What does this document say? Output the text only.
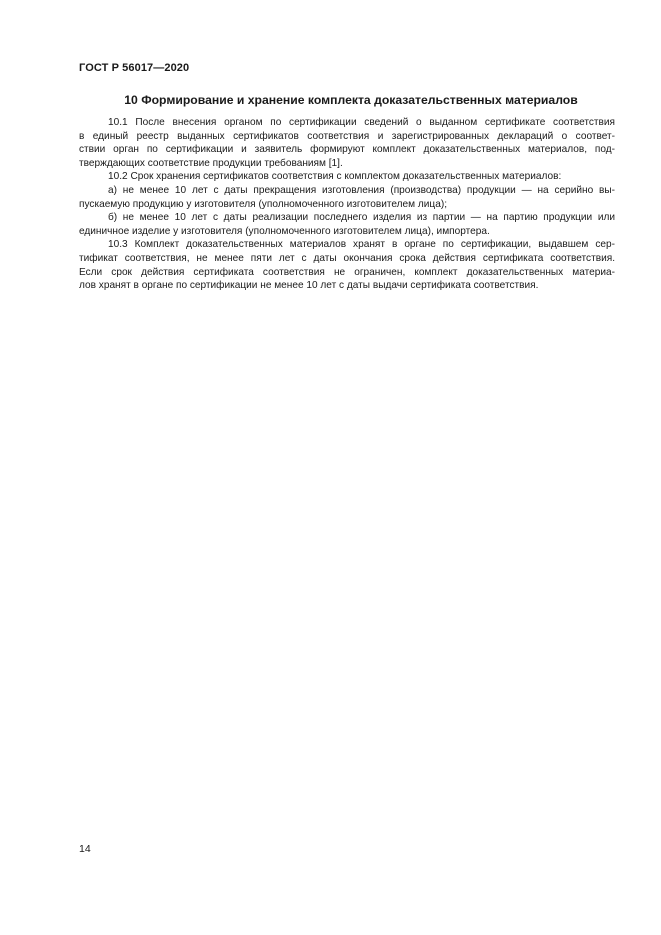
ГОСТ Р 56017—2020
10 Формирование и хранение комплекта доказательственных материалов
10.1 После внесения органом по сертификации сведений о выданном сертификате соответствия
в единый реестр выданных сертификатов соответствия и зарегистрированных деклараций о соответ-
ствии орган по сертификации и заявитель формируют комплект доказательственных материалов, под-
тверждающих соответствие продукции требованиям [1].
10.2 Срок хранения сертификатов соответствия с комплектом доказательственных материалов:
а) не менее 10 лет с даты прекращения изготовления (производства) продукции — на серийно вы-
пускаемую продукцию у изготовителя (уполномоченного изготовителем лица);
б) не менее 10 лет с даты реализации последнего изделия из партии — на партию продукции или
единичное изделие у изготовителя (уполномоченного изготовителем лица), импортера.
10.3 Комплект доказательственных материалов хранят в органе по сертификации, выдавшем сер-
тификат соответствия, не менее пяти лет с даты окончания срока действия сертификата соответствия.
Если срок действия сертификата соответствия не ограничен, комплект доказательственных материа-
лов хранят в органе по сертификации не менее 10 лет с даты выдачи сертификата соответствия.
14
